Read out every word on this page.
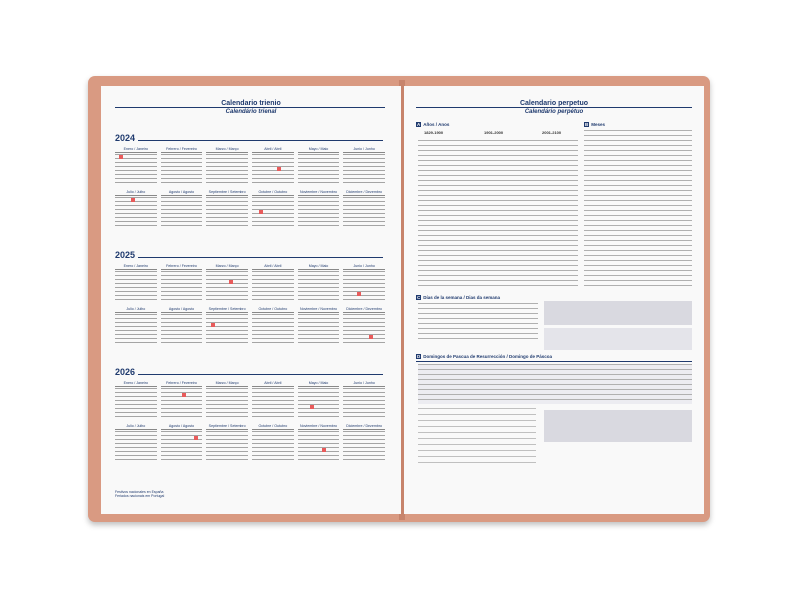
Calendario trienio
Calendário trienal
2024
Enero / Janeiro	Febrero / Fevereiro	Marzo / Março	Abril / Abril	Mayo / Maio	Junio / Junho
Julio / Julho	Agosto / Agosto	Septiembre / Setembro	Octubre / Outubro	Noviembre / Novembro	Diciembre / Dezembro
2025
Enero / Janeiro	Febrero / Fevereiro	Marzo / Março	Abril / Abril	Mayo / Maio	Junio / Junho
Julio / Julho	Agosto / Agosto	Septiembre / Setembro	Octubre / Outubro	Noviembre / Novembro	Diciembre / Dezembro
2026
Enero / Janeiro	Febrero / Fevereiro	Marzo / Março	Abril / Abril	Mayo / Maio	Junio / Junho
Julio / Julho	Agosto / Agosto	Septiembre / Setembro	Octubre / Outubro	Noviembre / Novembro	Diciembre / Dezembro
Festivos nacionales en España
Feriados nacionais em Portugal
Calendario perpetuo
Calendário perpétuo
A Años / Anos
1829-1900	1901-2000	2001-2100
B Meses
C Días de la semana / Dias da semana
D Domingos de Pascua de Resurrección / Domingo de Páscoa
